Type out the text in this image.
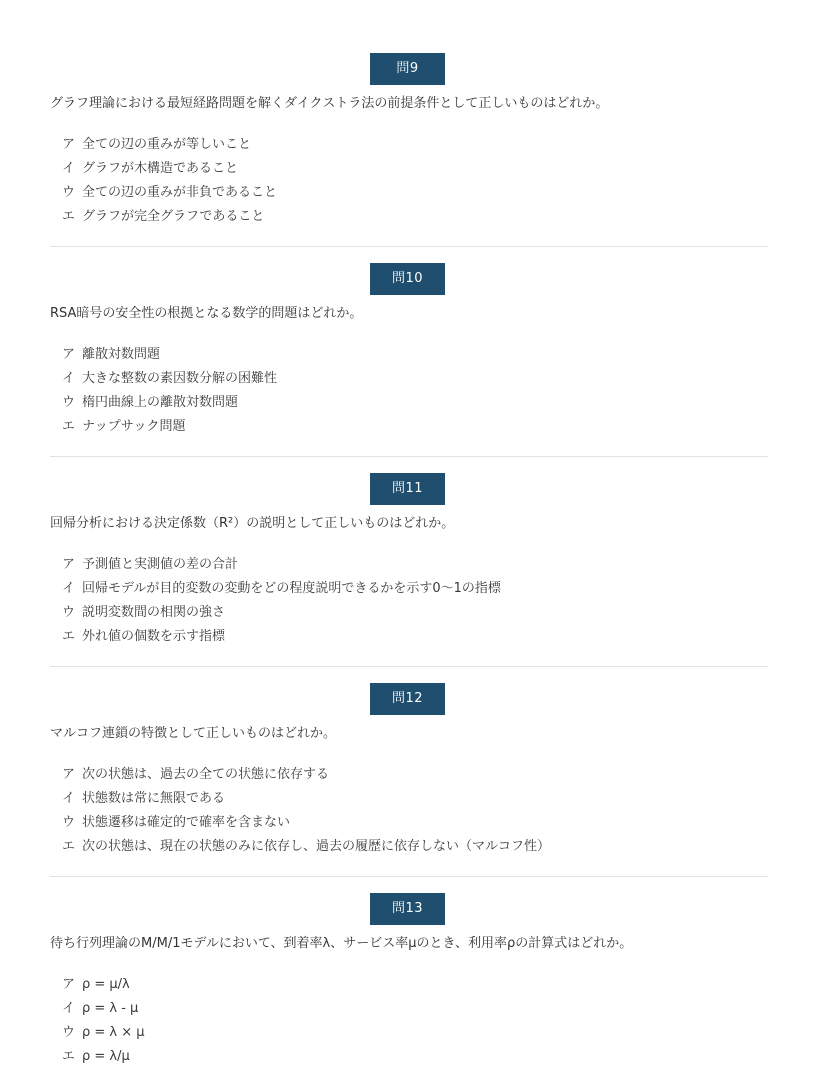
問9
グラフ理論における最短経路問題を解くダイクストラ法の前提条件として正しいものはどれか。
ア 全ての辺の重みが等しいこと
イ グラフが木構造であること
ウ 全ての辺の重みが非負であること
エ グラフが完全グラフであること
問10
RSA暗号の安全性の根拠となる数学的問題はどれか。
ア 離散対数問題
イ 大きな整数の素因数分解の困難性
ウ 楕円曲線上の離散対数問題
エ ナップサック問題
問11
回帰分析における決定係数（R²）の説明として正しいものはどれか。
ア 予測値と実測値の差の合計
イ 回帰モデルが目的変数の変動をどの程度説明できるかを示す0〜1の指標
ウ 説明変数間の相関の強さ
エ 外れ値の個数を示す指標
問12
マルコフ連鎖の特徴として正しいものはどれか。
ア 次の状態は、過去の全ての状態に依存する
イ 状態数は常に無限である
ウ 状態遷移は確定的で確率を含まない
エ 次の状態は、現在の状態のみに依存し、過去の履歴に依存しない（マルコフ性）
問13
待ち行列理論のM/M/1モデルにおいて、到着率λ、サービス率μのとき、利用率ρの計算式はどれか。
ア ρ = μ/λ
イ ρ = λ - μ
ウ ρ = λ × μ
エ ρ = λ/μ
